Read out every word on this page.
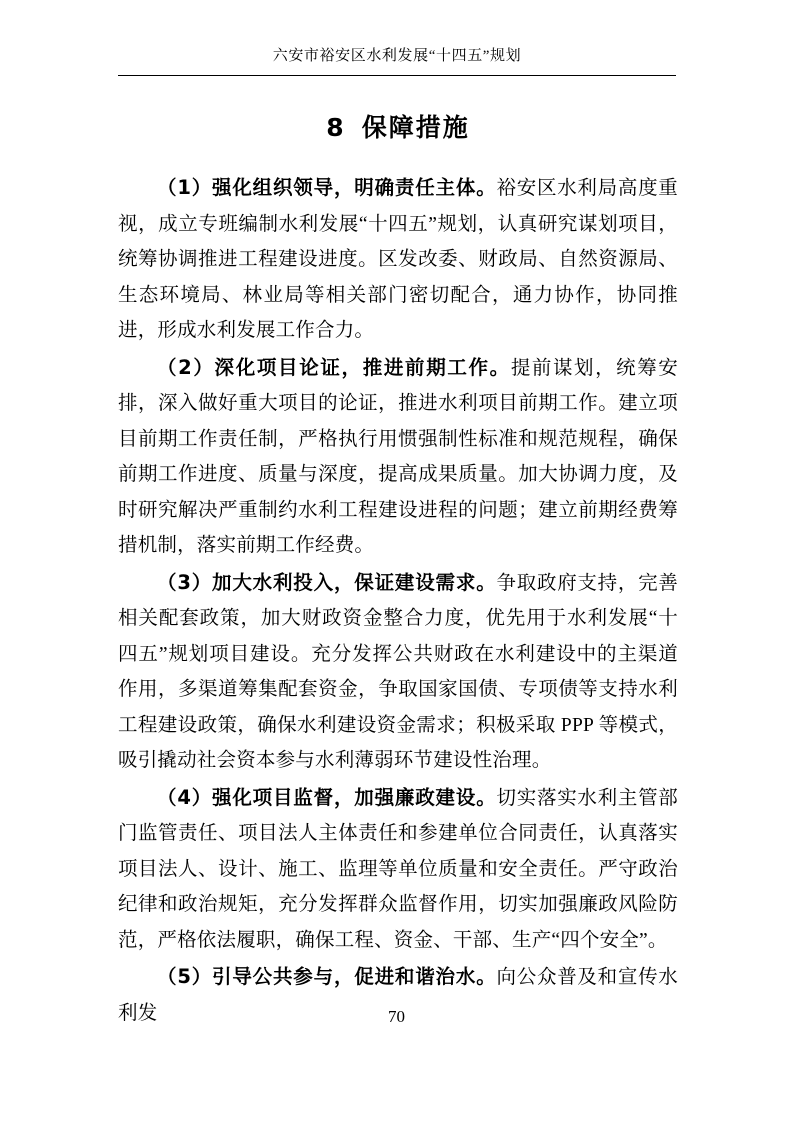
六安市裕安区水利发展“十四五”规划
8 保障措施

（1）强化组织领导，明确责任主体。裕安区水利局高度重视，成立专班编制水利发展“十四五”规划，认真研究谋划项目，统筹协调推进工程建设进度。区发改委、财政局、自然资源局、生态环境局、林业局等相关部门密切配合，通力协作，协同推进，形成水利发展工作合力。

（2）深化项目论证，推进前期工作。提前谋划，统筹安排，深入做好重大项目的论证，推进水利项目前期工作。建立项目前期工作责任制，严格执行用惯强制性标准和规范规程，确保前期工作进度、质量与深度，提高成果质量。加大协调力度，及时研究解决严重制约水利工程建设进程的问题；建立前期经费筹措机制，落实前期工作经费。

（3）加大水利投入，保证建设需求。争取政府支持，完善相关配套政策，加大财政资金整合力度，优先用于水利发展“十四五”规划项目建设。充分发挥公共财政在水利建设中的主渠道作用，多渠道筹集配套资金，争取国家国债、专项债等支持水利工程建设政策，确保水利建设资金需求；积极采取 PPP 等模式，吸引撬动社会资本参与水利薄弱环节建设性治理。

（4）强化项目监督，加强廉政建设。切实落实水利主管部门监管责任、项目法人主体责任和参建单位合同责任，认真落实项目法人、设计、施工、监理等单位质量和安全责任。严守政治纪律和政治规矩，充分发挥群众监督作用，切实加强廉政风险防范，严格依法履职，确保工程、资金、干部、生产“四个安全”。

（5）引导公共参与，促进和谐治水。向公众普及和宣传水利发	70
